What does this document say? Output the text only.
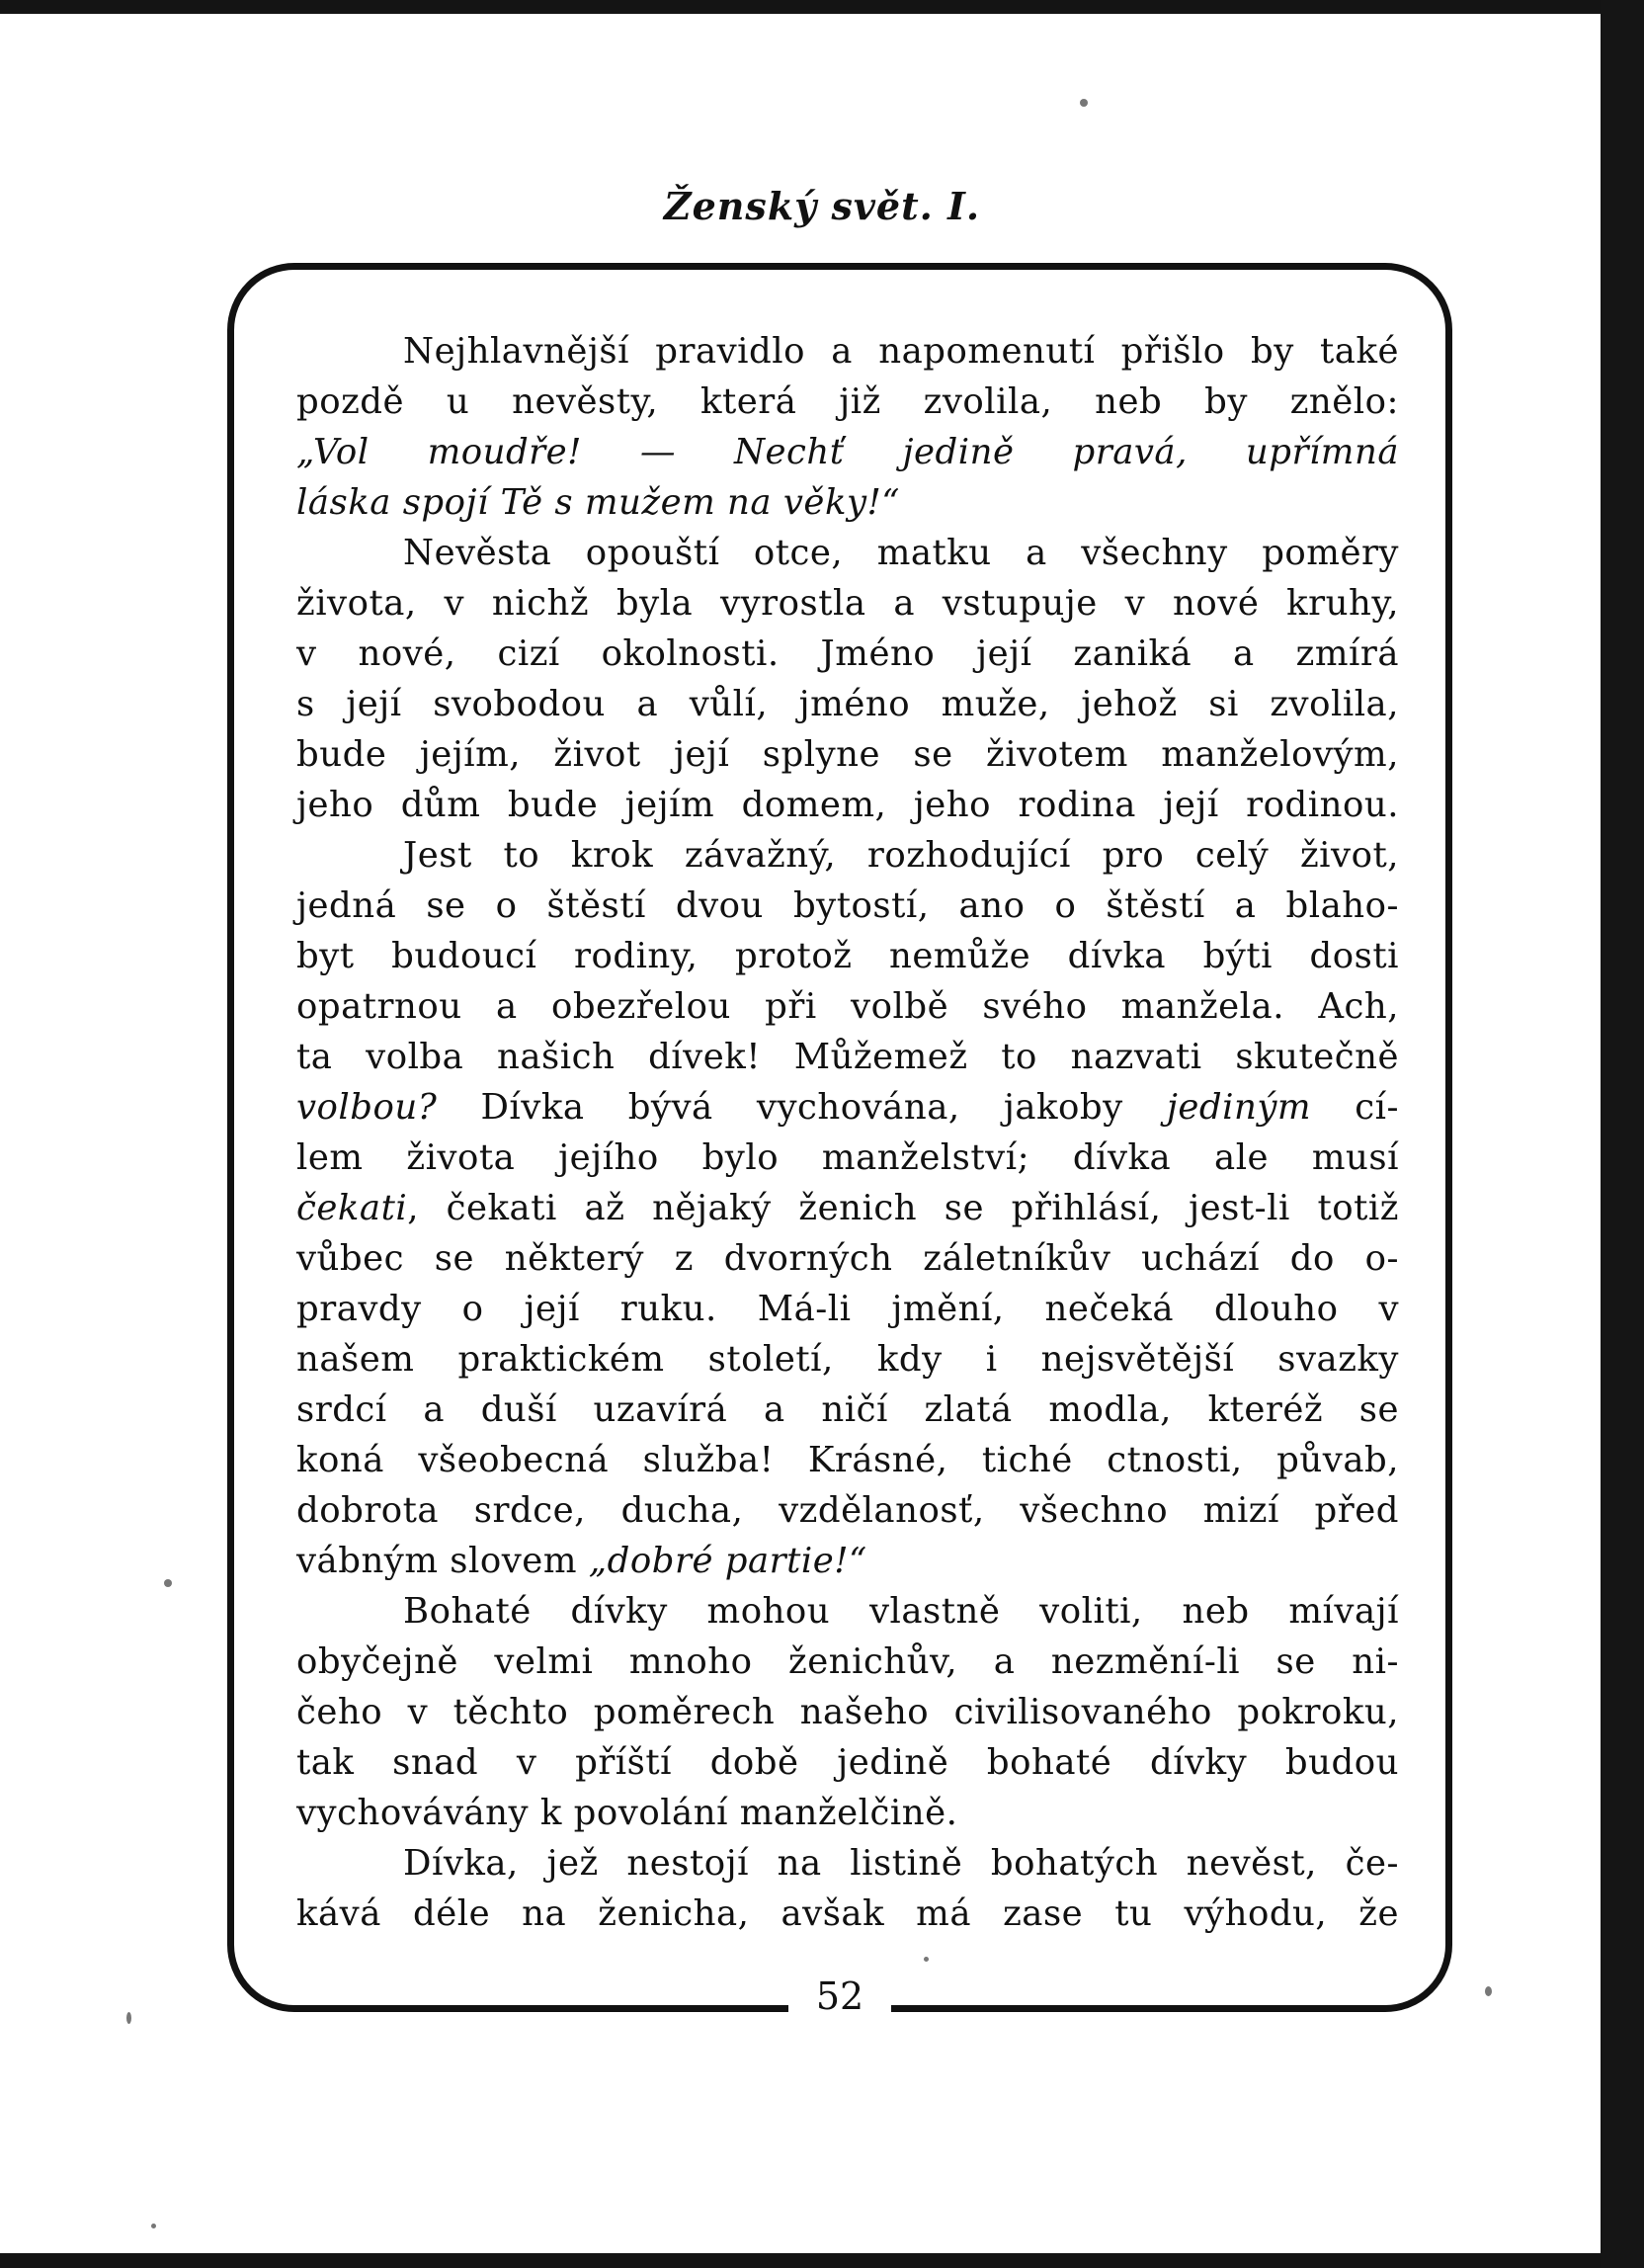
Ženský svět. I.
Nejhlavnější pravidlo a napomenutí přišlo by také
pozdě u nevěsty, která již zvolila, neb by znělo:
„Vol moudře! — Nechť jedině pravá, upřímná
láska spojí Tě s mužem na věky!“
Nevěsta opouští otce, matku a všechny poměry
života, v nichž byla vyrostla a vstupuje v nové kruhy,
v nové, cizí okolnosti. Jméno její zaniká a zmírá
s její svobodou a vůlí, jméno muže, jehož si zvolila,
bude jejím, život její splyne se životem manželovým,
jeho dům bude jejím domem, jeho rodina její rodinou.
Jest to krok závažný, rozhodující pro celý život,
jedná se o štěstí dvou bytostí, ano o štěstí a blaho-
byt budoucí rodiny, protož nemůže dívka býti dosti
opatrnou a obezřelou při volbě svého manžela. Ach,
ta volba našich dívek! Můžemež to nazvati skutečně
volbou? Dívka bývá vychována, jakoby jediným cí-
lem života jejího bylo manželství; dívka ale musí
čekati, čekati až nějaký ženich se přihlásí, jest-li totiž
vůbec se některý z dvorných záletníkův uchází do o-
pravdy o její ruku. Má-li jmění, nečeká dlouho v
našem praktickém století, kdy i nejsvětější svazky
srdcí a duší uzavírá a ničí zlatá modla, kteréž se
koná všeobecná služba! Krásné, tiché ctnosti, půvab,
dobrota srdce, ducha, vzdělanosť, všechno mizí před
vábným slovem „dobré partie!“
Bohaté dívky mohou vlastně voliti, neb mívají
obyčejně velmi mnoho ženichův, a nezmění-li se ni-
čeho v těchto poměrech našeho civilisovaného pokroku,
tak snad v příští době jedině bohaté dívky budou
vychovávány k povolání manželčině.
Dívka, jež nestojí na listině bohatých nevěst, če-
kává déle na ženicha, avšak má zase tu výhodu, že
52
